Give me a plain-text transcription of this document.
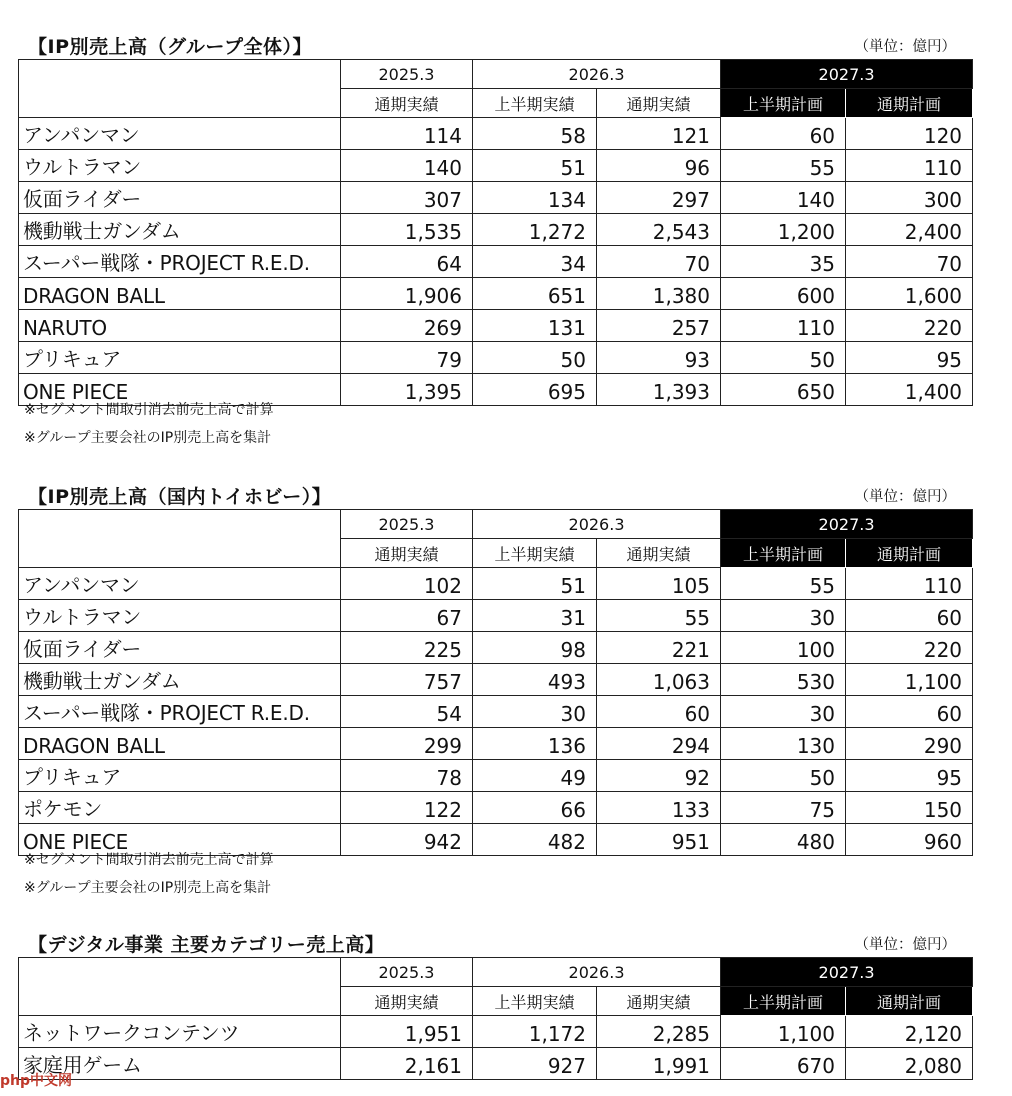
【IP別売上高（グループ全体）】	（単位：億円）
	2025.3	2026.3		2027.3	
	通期実績	上半期実績	通期実績	上半期計画	通期計画
アンパンマン	114	58	121	60	120
ウルトラマン	140	51	96	55	110
仮面ライダー	307	134	297	140	300
機動戦士ガンダム	1,535	1,272	2,543	1,200	2,400
スーパー戦隊・PROJECT R.E.D.	64	34	70	35	70
DRAGON BALL	1,906	651	1,380	600	1,600
NARUTO	269	131	257	110	220
プリキュア	79	50	93	50	95
ONE PIECE	1,395	695	1,393	650	1,400
※セグメント間取引消去前売上高で計算
※グループ主要会社のIP別売上高を集計
【IP別売上高（国内トイホビー）】	（単位：億円）
	2025.3	2026.3		2027.3	
	通期実績	上半期実績	通期実績	上半期計画	通期計画
アンパンマン	102	51	105	55	110
ウルトラマン	67	31	55	30	60
仮面ライダー	225	98	221	100	220
機動戦士ガンダム	757	493	1,063	530	1,100
スーパー戦隊・PROJECT R.E.D.	54	30	60	30	60
DRAGON BALL	299	136	294	130	290
プリキュア	78	49	92	50	95
ポケモン	122	66	133	75	150
ONE PIECE	942	482	951	480	960
※セグメント間取引消去前売上高で計算
※グループ主要会社のIP別売上高を集計
【デジタル事業 主要カテゴリー売上高】	（単位：億円）
	2025.3	2026.3		2027.3	
	通期実績	上半期実績	通期実績	上半期計画	通期計画
ネットワークコンテンツ	1,951	1,172	2,285	1,100	2,120
家庭用ゲーム	2,161	927	1,991	670	2,080
php中文网
